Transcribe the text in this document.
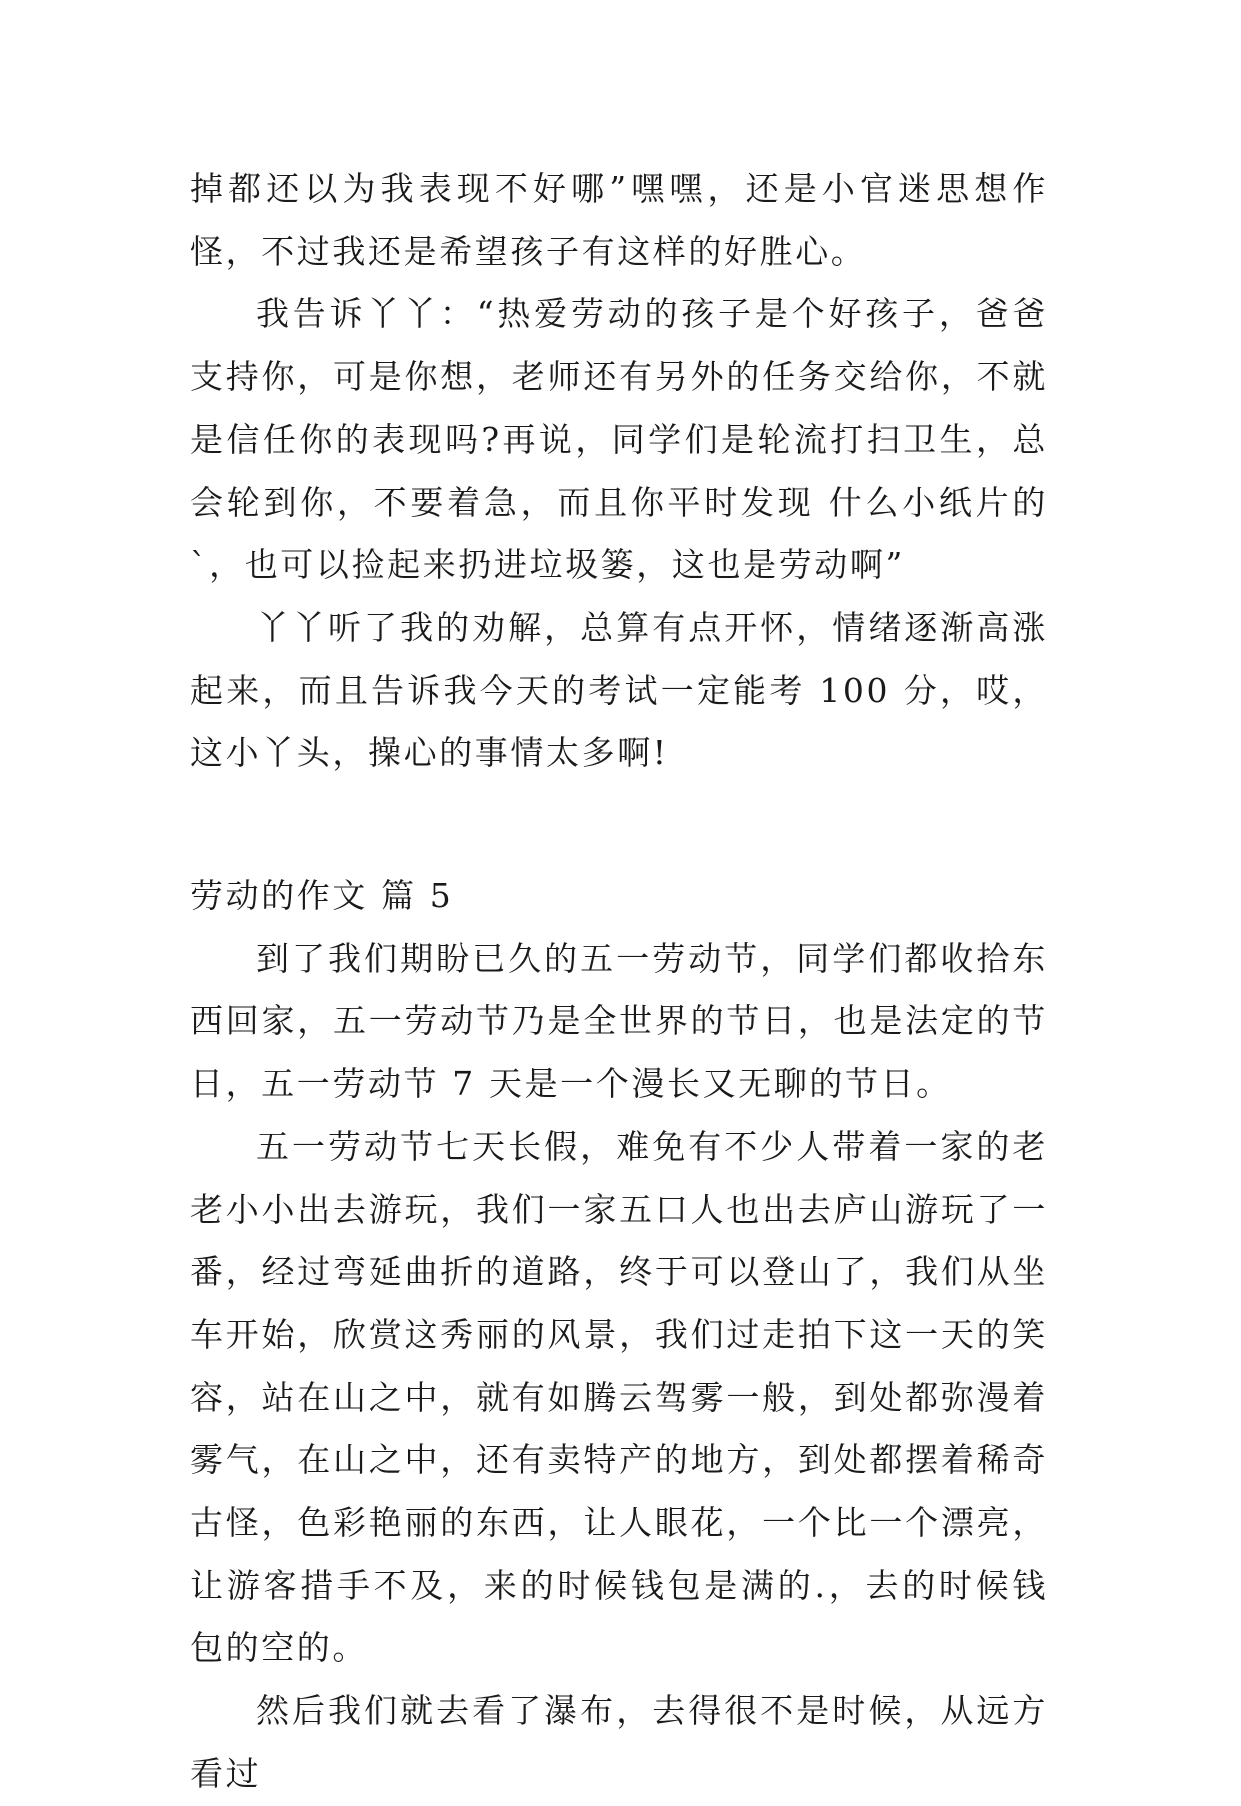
掉都还以为我表现不好哪”嘿嘿，还是小官迷思想作怪，不过我还是希望孩子有这样的好胜心。

我告诉丫丫：“热爱劳动的孩子是个好孩子，爸爸支持你，可是你想，老师还有另外的任务交给你，不就是信任你的表现吗?再说，同学们是轮流打扫卫生，总会轮到你，不要着急，而且你平时发现 什么小纸片的`，也可以捡起来扔进垃圾篓，这也是劳动啊”

丫丫听了我的劝解，总算有点开怀，情绪逐渐高涨起来，而且告诉我今天的考试一定能考 100 分，哎，这小丫头，操心的事情太多啊!

劳动的作文 篇 5

到了我们期盼已久的五一劳动节，同学们都收拾东西回家，五一劳动节乃是全世界的节日，也是法定的节日，五一劳动节 7 天是一个漫长又无聊的节日。

五一劳动节七天长假，难免有不少人带着一家的老老小小出去游玩，我们一家五口人也出去庐山游玩了一番，经过弯延曲折的道路，终于可以登山了，我们从坐车开始，欣赏这秀丽的风景，我们过走拍下这一天的笑容，站在山之中，就有如腾云驾雾一般，到处都弥漫着雾气，在山之中，还有卖特产的地方，到处都摆着稀奇古怪，色彩艳丽的东西，让人眼花，一个比一个漂亮，让游客措手不及，来的时候钱包是满的.，去的时候钱包的空的。

然后我们就去看了瀑布，去得很不是时候，从远方看过
